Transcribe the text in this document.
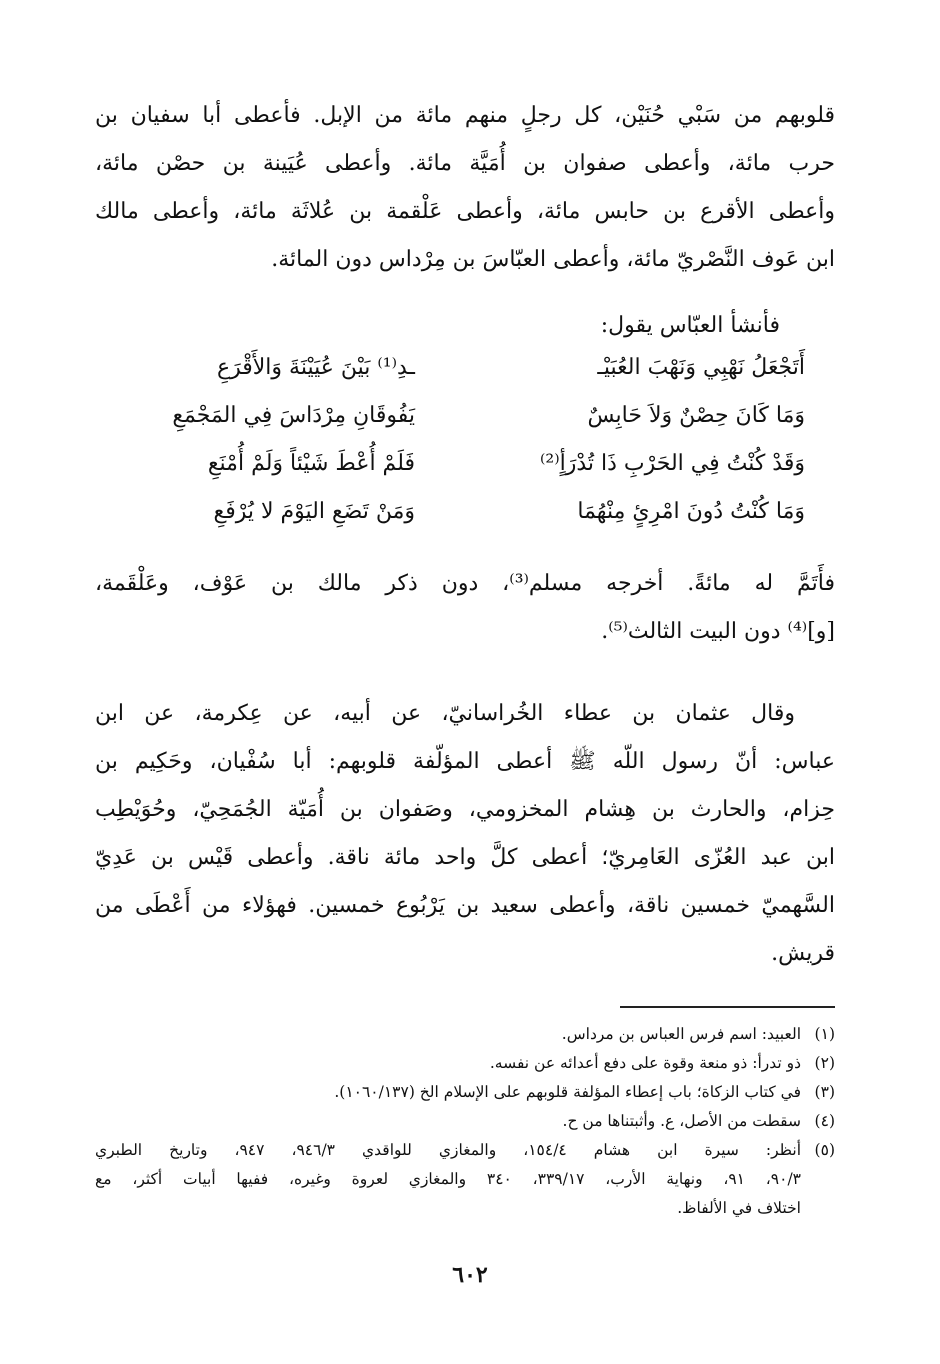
قلوبهم من سَبْي حُنَيْن، كل رجلٍ منهم مائة من الإبل. فأعطى أبا سفيان بن
حرب مائة، وأعطى صفوان بن أُمَيَّة مائة. وأعطى عُيَينة بن حصْن مائة،
وأعطى الأقرع بن حابس مائة، وأعطى عَلْقمة بن عُلاثَة مائة، وأعطى مالك
ابن عَوف النَّصْريّ مائة، وأعطى العبّاسَ بن مِرْداس دون المائة.
فأنشأ العبّاس يقول:
أَتَجْعَلُ نَهْبِي وَنَهْبَ العُبَيْـ
ـدِ⁽¹⁾ بَيْنَ عُيَيْنَةَ وَالأَقْرَعِ
وَمَا كَانَ حِصْنٌ وَلاَ حَابِسٌ
يَفُوقَانِ مِرْدَاسَ فِي المَجْمَعِ
وَقَدْ كُنْتُ فِي الحَرْبِ ذَا تُدْرَأٍ⁽²⁾
فَلَمْ أُعْطَ شَيْئاً وَلَمْ أُمْنَعِ
وَمَا كُنْتُ دُونَ امْرِئٍ مِنْهُمَا
وَمَنْ تَضَعِ اليَوْمَ لا يُرْفَعِ
فأَتَمَّ له مائةً. أخرجه مسلم⁽³⁾، دون ذكر مالك بن عَوْف، وعَلْقَمة،
[و]⁽⁴⁾ دون البيت الثالث⁽⁵⁾.
وقال عثمان بن عطاء الخُراسانيّ، عن أبيه، عن عِكرمة، عن ابن
عباس: أنّ رسول اللّه ﷺ أعطى المؤلّفة قلوبهم: أبا سُفْيان، وحَكِيم بن
حِزام، والحارث بن هِشام المخزومي، وصَفوان بن أُمَيّة الجُمَحِيّ، وحُوَيْطِب
ابن عبد العُزّى العَامِريّ؛ أعطى كلَّ واحد مائة ناقة. وأعطى قَيْس بن عَدِيّ
السَّهميّ خمسين ناقة، وأعطى سعيد بن يَرْبُوع خمسين. فهؤلاء من أَعْطَى من
قريش.
(١)
العبيد: اسم فرس العباس بن مرداس.
(٢)
ذو تدرأ: ذو منعة وقوة على دفع أعدائه عن نفسه.
(٣)
في كتاب الزكاة؛ باب إعطاء المؤلفة قلوبهم على الإسلام الخ (١٠٦٠/١٣٧).
(٤)
سقطت من الأصل، ع. وأثبتناها من ح.
(٥)
أنظر: سيرة ابن هشام ١٥٤/٤، والمغازي للواقدي ٩٤٦/٣، ٩٤٧، وتاريخ الطبري
٩٠/٣، ٩١، ونهاية الأرب، ٣٣٩/١٧، ٣٤٠ والمغازي لعروة وغيره، ففيها أبيات أكثر، مع
اختلاف في الألفاظ.
٦٠٢
